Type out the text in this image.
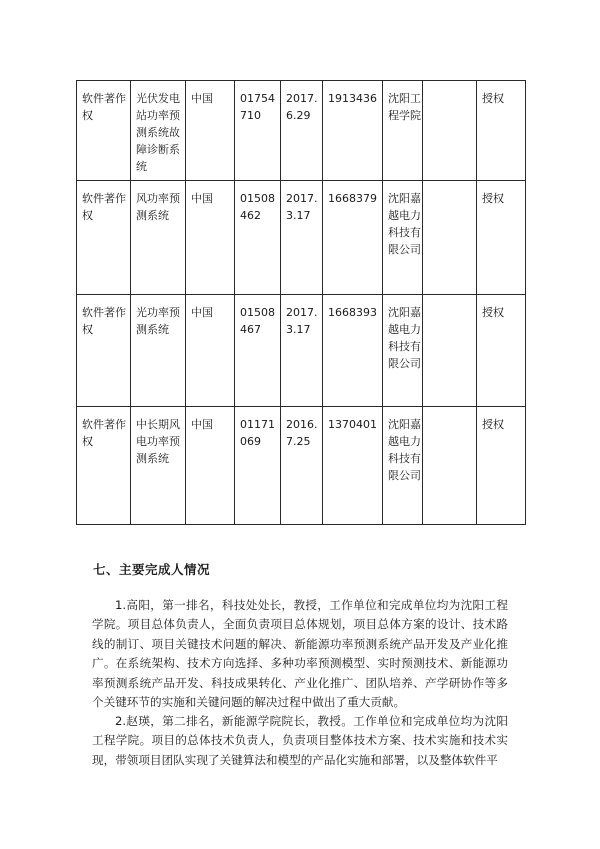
软件著作权	光伏发电站功率预测系统故障诊断系统	中国	01754710	2017.6.29	1913436	沈阳工程学院		授权
软件著作权	风功率预测系统	中国	01508462	2017.3.17	1668379	沈阳嘉越电力科技有限公司		授权
软件著作权	光功率预测系统	中国	01508467	2017.3.17	1668393	沈阳嘉越电力科技有限公司		授权
软件著作权	中长期风电功率预测系统	中国	01171069	2016.7.25	1370401	沈阳嘉越电力科技有限公司		授权
七、主要完成人情况

1.高阳，第一排名，科技处处长，教授，工作单位和完成单位均为沈阳工程学院。项目总体负责人，全面负责项目总体规划，项目总体方案的设计、技术路线的制订、项目关键技术问题的解决、新能源功率预测系统产品开发及产业化推广。在系统架构、技术方向选择、多种功率预测模型、实时预测技术、新能源功率预测系统产品开发、科技成果转化、产业化推广、团队培养、产学研协作等多个关键环节的实施和关键问题的解决过程中做出了重大贡献。

2.赵瑛，第二排名，新能源学院院长，教授。工作单位和完成单位均为沈阳工程学院。项目的总体技术负责人，负责项目整体技术方案、技术实施和技术实现，带领项目团队实现了关键算法和模型的产品化实施和部署，以及整体软件平
